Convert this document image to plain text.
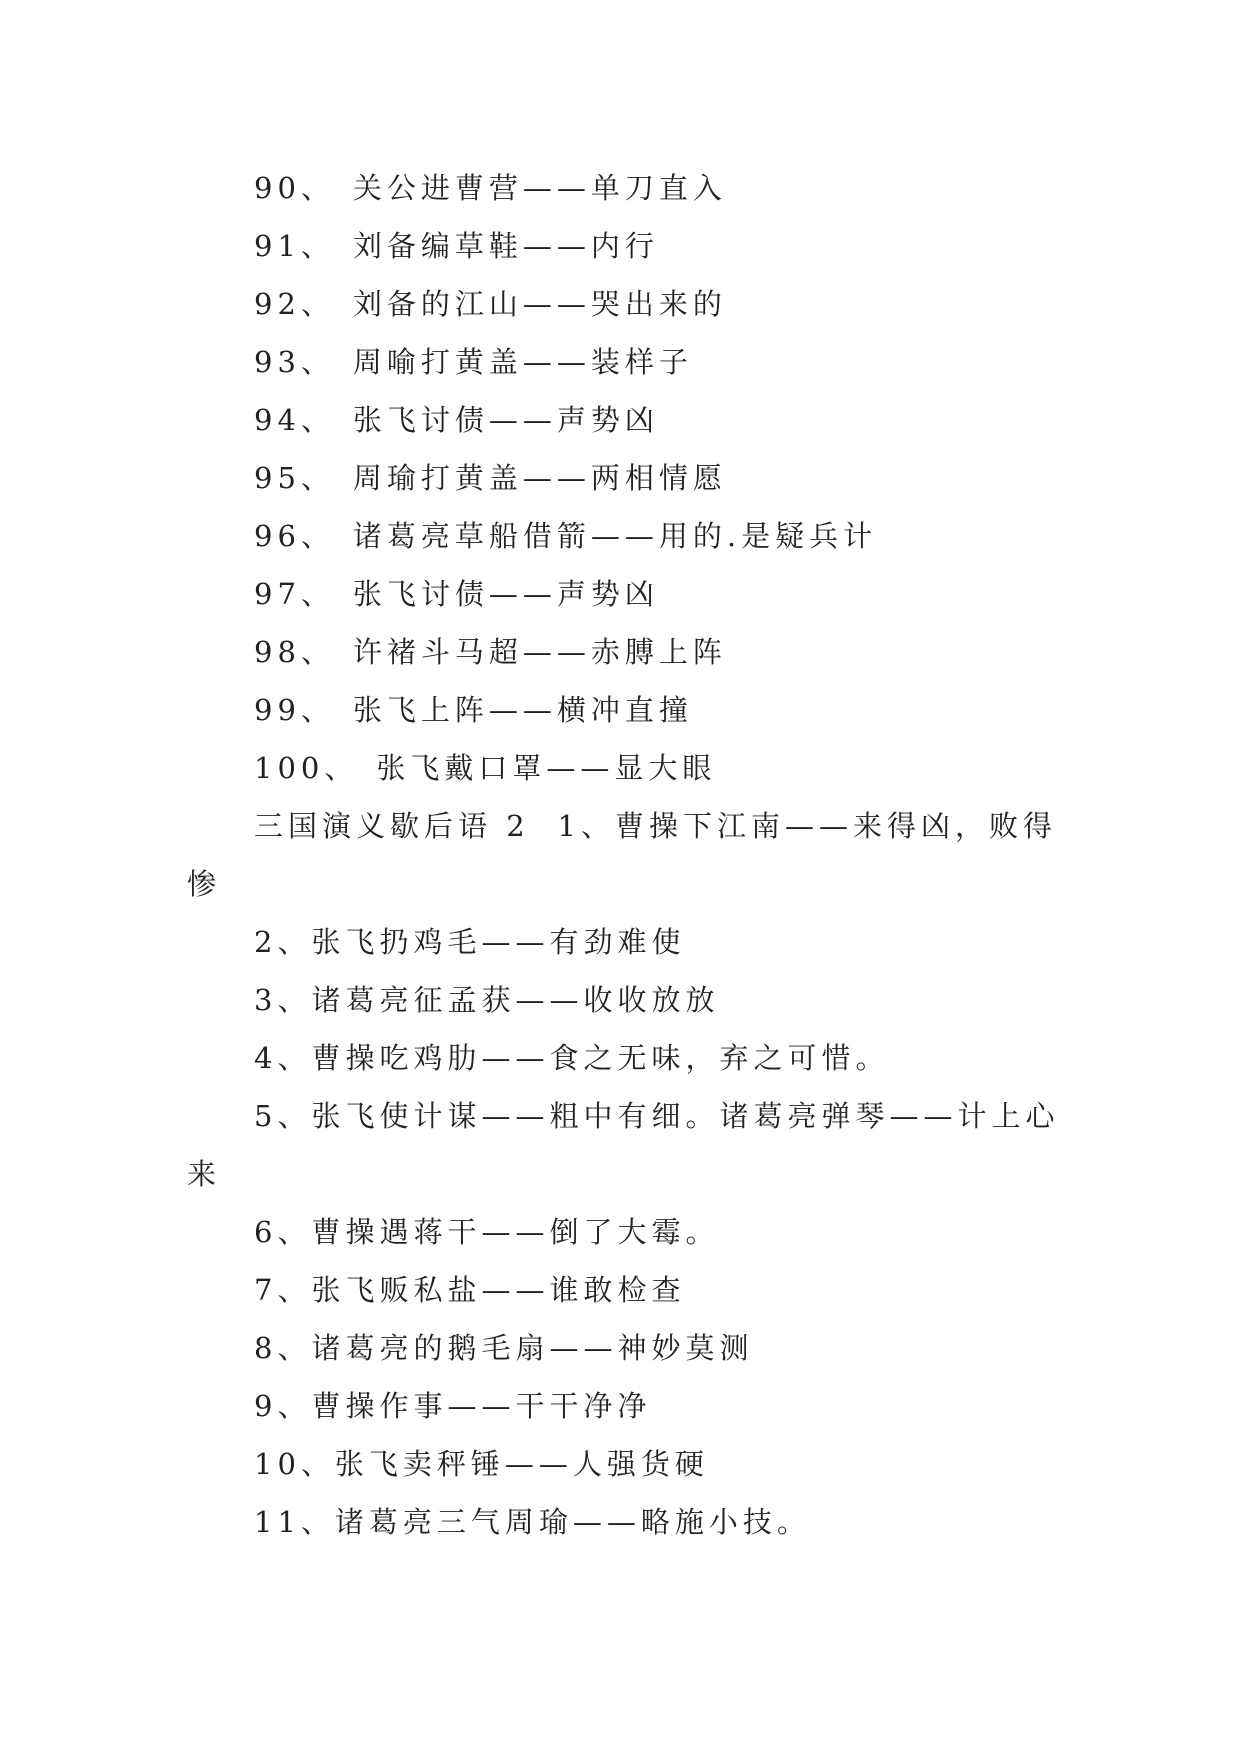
90、 关公进曹营——单刀直入
91、 刘备编草鞋——内行
92、 刘备的江山——哭出来的
93、 周喻打黄盖——装样子
94、 张飞讨债——声势凶
95、 周瑜打黄盖——两相情愿
96、 诸葛亮草船借箭——用的.是疑兵计
97、 张飞讨债——声势凶
98、 许褚斗马超——赤膊上阵
99、 张飞上阵——横冲直撞
100、 张飞戴口罩——显大眼
三国演义歇后语 2 1、曹操下江南——来得凶，败得
惨
2、张飞扔鸡毛——有劲难使
3、诸葛亮征孟获——收收放放
4、曹操吃鸡肋——食之无味，弃之可惜。
5、张飞使计谋——粗中有细。诸葛亮弹琴——计上心
来
6、曹操遇蒋干——倒了大霉。
7、张飞贩私盐——谁敢检查
8、诸葛亮的鹅毛扇——神妙莫测
9、曹操作事——干干净净
10、张飞卖秤锤——人强货硬
11、诸葛亮三气周瑜——略施小技。
